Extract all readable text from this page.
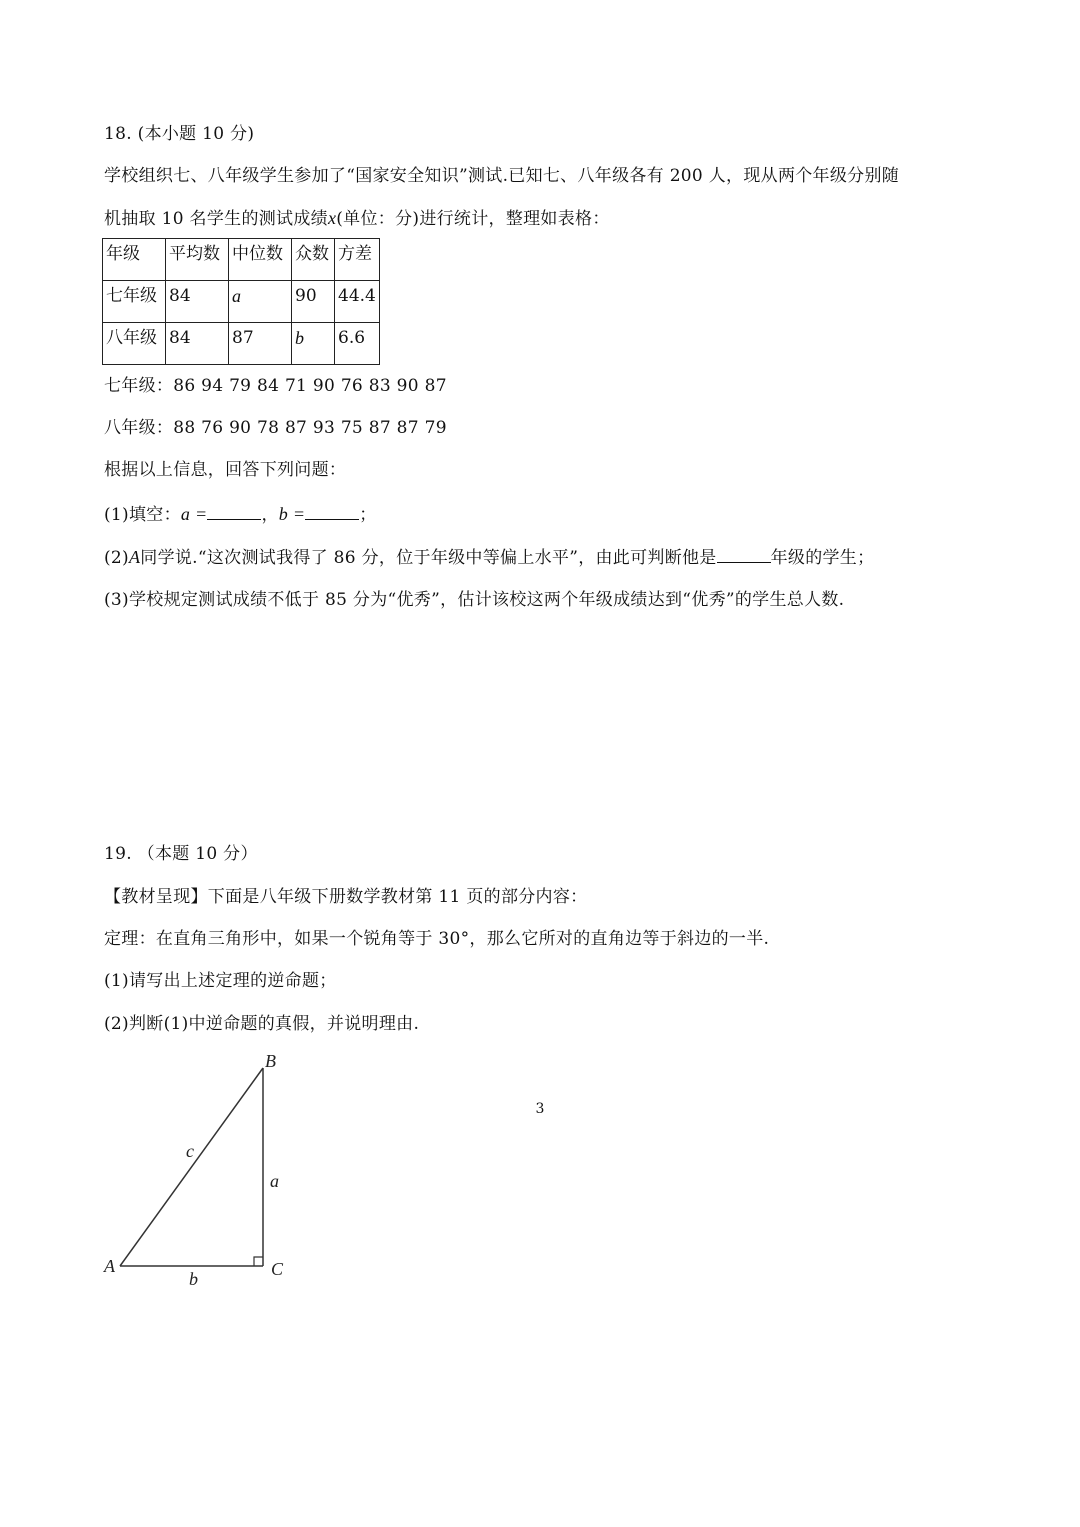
18. (本小题 10 分)
学校组织七、八年级学生参加了“国家安全知识”测试.已知七、八年级各有 200 人，现从两个年级分别随
机抽取 10 名学生的测试成绩x(单位：分)进行统计，整理如表格：
年级	平均数	中位数	众数	方差
七年级	84	a	90	44.4
八年级	84	87	b	6.6
七年级：86 94 79 84 71 90 76 83 90 87
八年级：88 76 90 78 87 93 75 87 87 79
根据以上信息，回答下列问题：
(1)填空：a =	，b =	；
(2)A同学说.“这次测试我得了 86 分，位于年级中等偏上水平”，由此可判断他是	年级的学生；
(3)学校规定测试成绩不低于 85 分为“优秀”，估计该校这两个年级成绩达到“优秀”的学生总人数.
19. （本题 10 分）
【教材呈现】下面是八年级下册数学教材第 11 页的部分内容：
定理：在直角三角形中，如果一个锐角等于 30°，那么它所对的直角边等于斜边的一半.
(1)请写出上述定理的逆命题；
(2)判断(1)中逆命题的真假，并说明理由.
A
B
C
a
b
c
3
